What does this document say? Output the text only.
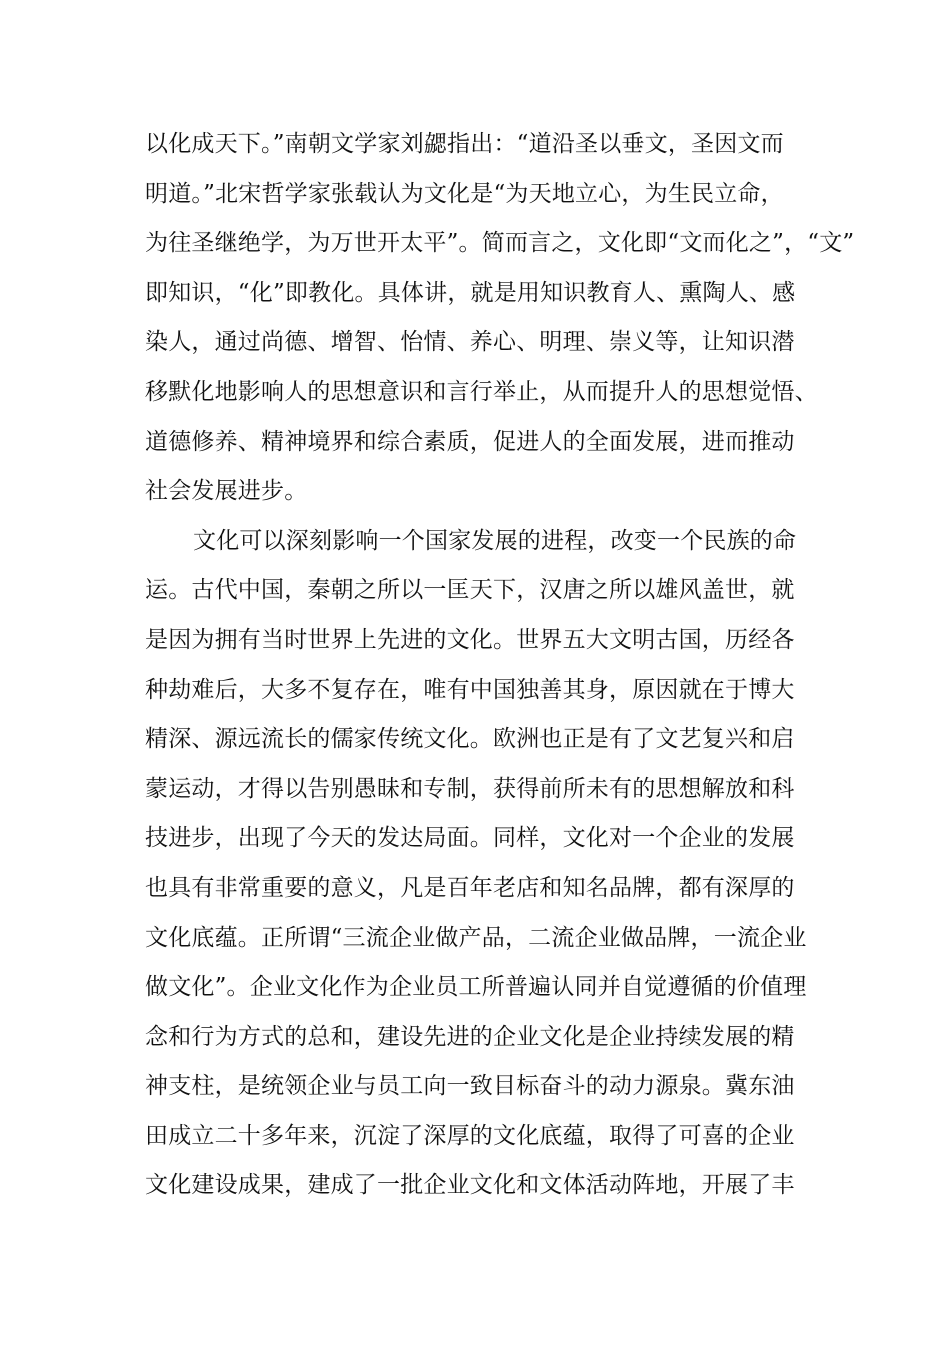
以化成天下。”南朝文学家刘勰指出：“道沿圣以垂文，圣因文而
明道。”北宋哲学家张载认为文化是“为天地立心，为生民立命，
为往圣继绝学，为万世开太平”。简而言之，文化即“文而化之”，“文”
即知识，“化”即教化。具体讲，就是用知识教育人、熏陶人、感
染人，通过尚德、增智、怡情、养心、明理、崇义等，让知识潜
移默化地影响人的思想意识和言行举止，从而提升人的思想觉悟、
道德修养、精神境界和综合素质，促进人的全面发展，进而推动
社会发展进步。
文化可以深刻影响一个国家发展的进程，改变一个民族的命
运。古代中国，秦朝之所以一匡天下，汉唐之所以雄风盖世，就
是因为拥有当时世界上先进的文化。世界五大文明古国，历经各
种劫难后，大多不复存在，唯有中国独善其身，原因就在于博大
精深、源远流长的儒家传统文化。欧洲也正是有了文艺复兴和启
蒙运动，才得以告别愚昧和专制，获得前所未有的思想解放和科
技进步，出现了今天的发达局面。同样，文化对一个企业的发展
也具有非常重要的意义，凡是百年老店和知名品牌，都有深厚的
文化底蕴。正所谓“三流企业做产品，二流企业做品牌，一流企业
做文化”。企业文化作为企业员工所普遍认同并自觉遵循的价值理
念和行为方式的总和，建设先进的企业文化是企业持续发展的精
神支柱，是统领企业与员工向一致目标奋斗的动力源泉。冀东油
田成立二十多年来，沉淀了深厚的文化底蕴，取得了可喜的企业
文化建设成果，建成了一批企业文化和文体活动阵地，开展了丰
